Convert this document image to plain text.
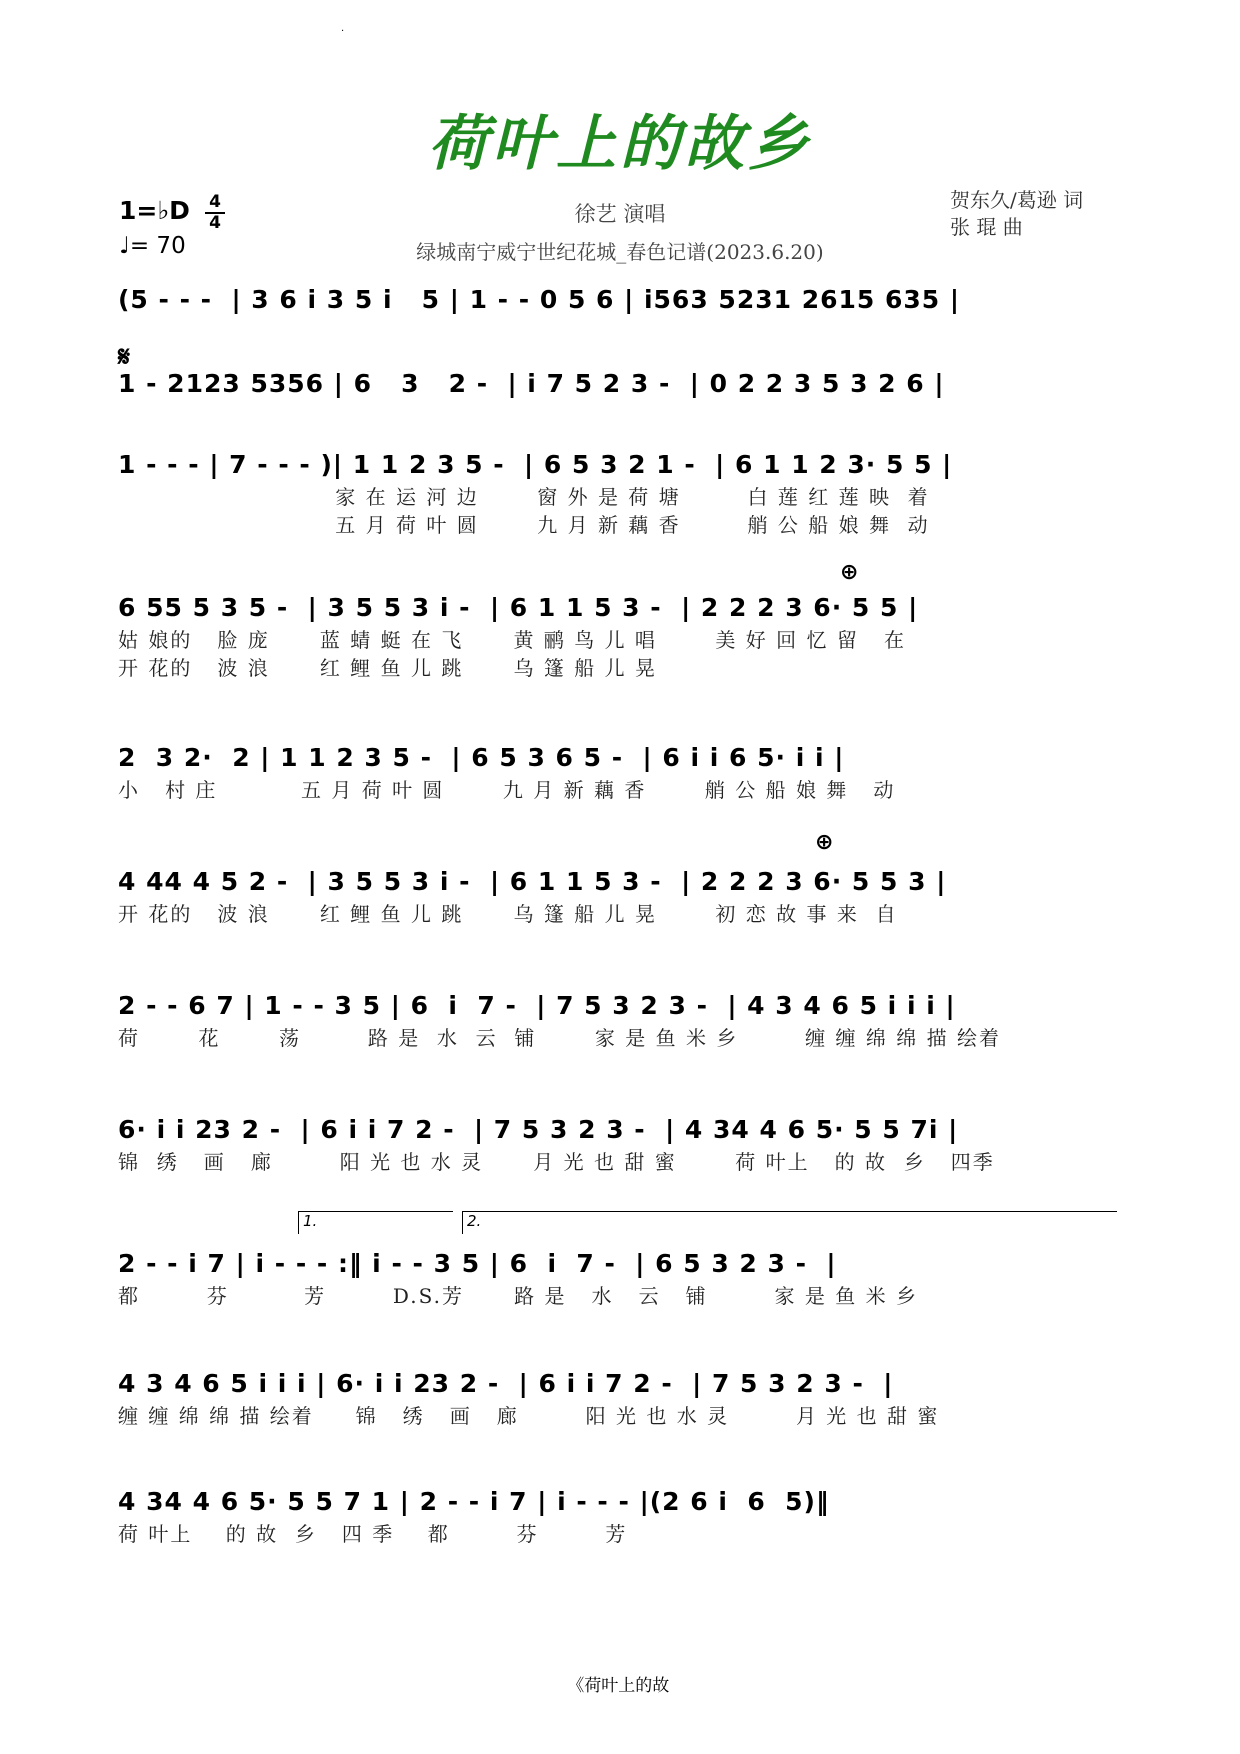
·
荷叶上的故乡
1=♭D 4
4
♩= 70
徐艺 演唱
绿城南宁威宁世纪花城_春色记谱(2023.6.20)
贺东久/葛逊 词
张 琨 曲
𝄋
⊕
⊕
1.	2.
(5 - - -  | 3 6 i 3 5 i   5 | 1 - - 0 5 6 | i563 5231 2615 635 |
1 - 2123 5356 | 6   3   2 -  | i 7 5 2 3 -  | 0 2 2 3 5 3 2 6 |
1 - - - | 7 - - - )| 1 1 2 3 5 -  | 6 5 3 2 1 -  | 6 1 1 2 3· 5 5 |
家 在 运 河 边       窗 外 是 荷 塘        白 莲 红 莲 映  着
五 月 荷 叶 圆       九 月 新 藕 香        艄 公 船 娘 舞  动
6 55 5 3 5 -  | 3 5 5 3 i -  | 6 1 1 5 3 -  | 2 2 2 3 6· 5 5 |
姑 娘的   脸 庞      蓝 蜻 蜓 在 飞      黄 鹂 鸟 儿 唱       美 好 回 忆 留   在
开 花的   波 浪      红 鲤 鱼 儿 跳      乌 篷 船 儿 晃
2  3 2·  2 | 1 1 2 3 5 -  | 6 5 3 6 5 -  | 6 i i 6 5· i i |
小   村 庄          五 月 荷 叶 圆       九 月 新 藕 香       艄 公 船 娘 舞   动
4 44 4 5 2 -  | 3 5 5 3 i -  | 6 1 1 5 3 -  | 2 2 2 3 6· 5 5 3 |
开 花的   波 浪      红 鲤 鱼 儿 跳      乌 篷 船 儿 晃       初 恋 故 事 来  自
2 - - 6 7 | 1 - - 3 5 | 6  i  7 -  | 7 5 3 2 3 -  | 4 3 4 6 5 i i i |
荷       花       荡        路 是  水  云  铺       家 是 鱼 米 乡        缠 缠 绵 绵 描 绘着
6· i i 23 2 -  | 6 i i 7 2 -  | 7 5 3 2 3 -  | 4 34 4 6 5· 5 5 7i |
锦  绣   画   廊        阳 光 也 水 灵      月 光 也 甜 蜜       荷 叶上   的 故  乡   四季
2 - - i 7 | i - - - :‖ i - - 3 5 | 6  i  7 -  | 6 5 3 2 3 -  |
都        芬         芳        D.S.芳      路 是   水   云   铺        家 是 鱼 米 乡
4 3 4 6 5 i i i | 6· i i 23 2 -  | 6 i i 7 2 -  | 7 5 3 2 3 -  |
缠 缠 绵 绵 描 绘着     锦   绣   画   廊        阳 光 也 水 灵        月 光 也 甜 蜜
4 34 4 6 5· 5 5 7 1 | 2 - - i 7 | i - - - |(2 6 i  6  5)‖
荷 叶上    的 故  乡   四 季    都        芬        芳
《荷叶上的故 
